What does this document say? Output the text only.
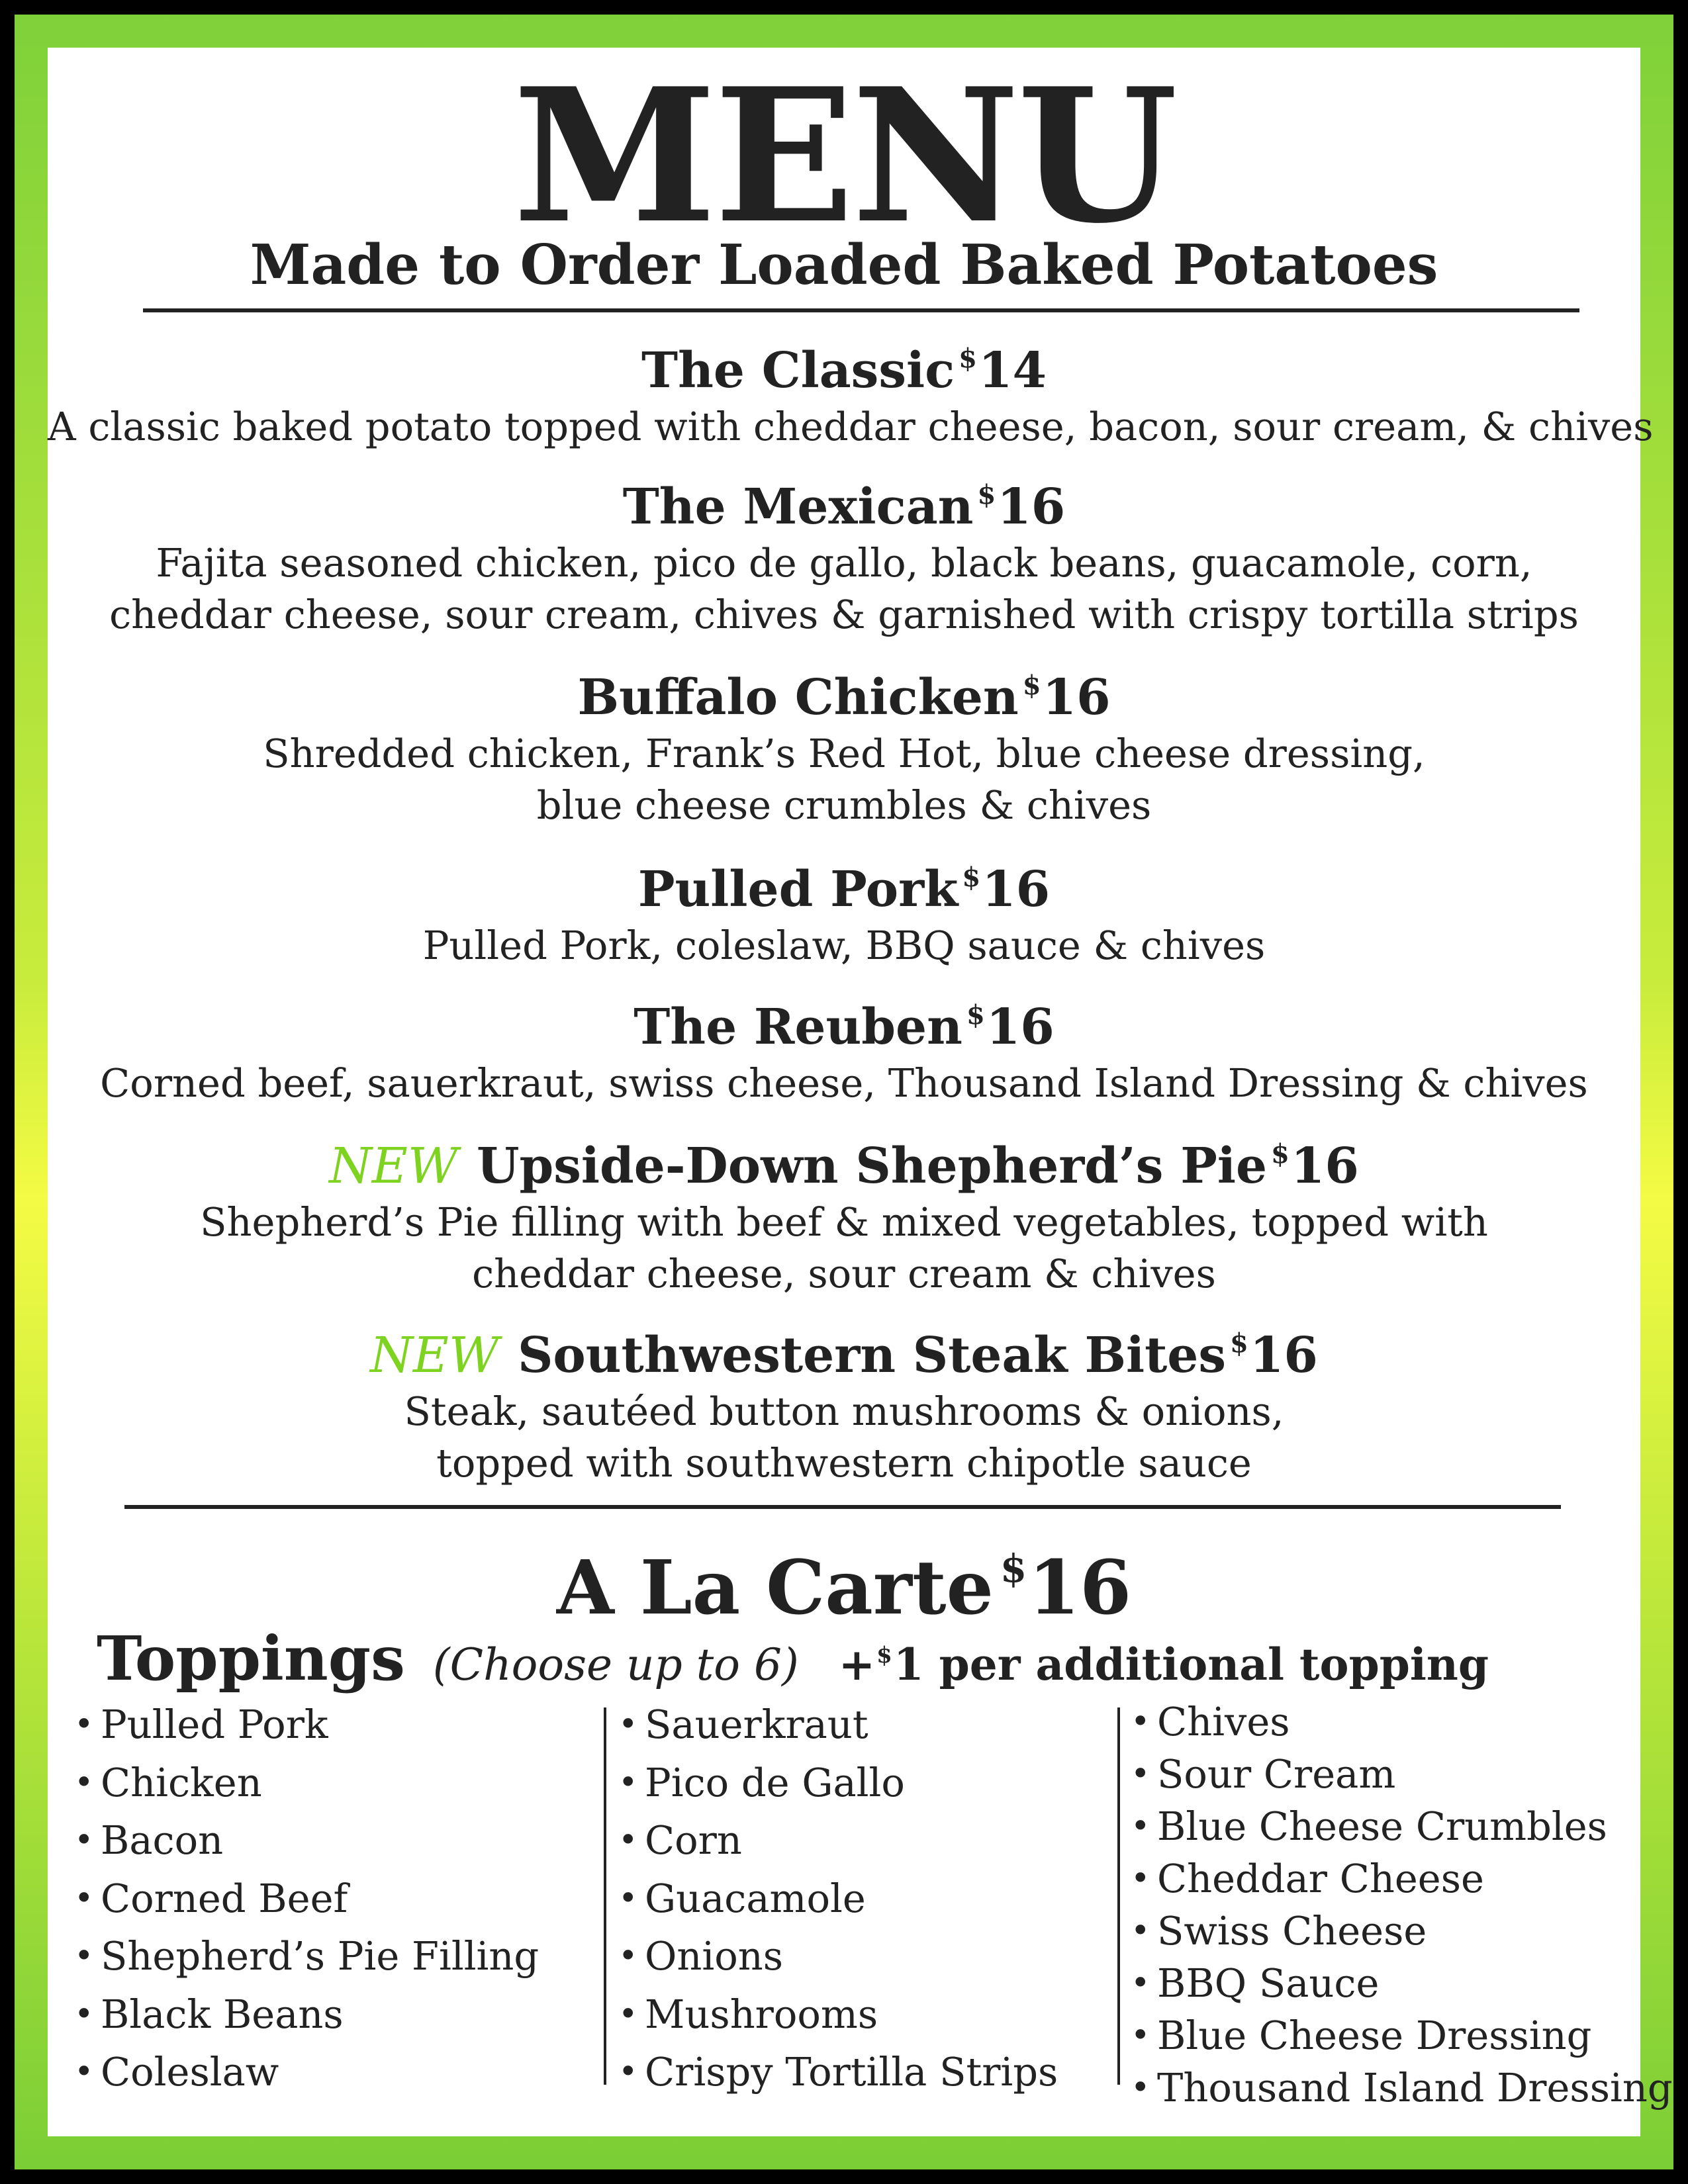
MENU
Made to Order Loaded Baked Potatoes
The Classic $14
A classic baked potato topped with cheddar cheese, bacon, sour cream, & chives
The Mexican $16
Fajita seasoned chicken, pico de gallo, black beans, guacamole, corn,
cheddar cheese, sour cream, chives & garnished with crispy tortilla strips
Buffalo Chicken $16
Shredded chicken, Frank’s Red Hot, blue cheese dressing,
blue cheese crumbles & chives
Pulled Pork $16
Pulled Pork, coleslaw, BBQ sauce & chives
The Reuben $16
Corned beef, sauerkraut, swiss cheese, Thousand Island Dressing & chives
NEW Upside-Down Shepherd’s Pie $16
Shepherd’s Pie filling with beef & mixed vegetables, topped with
cheddar cheese, sour cream & chives
NEW Southwestern Steak Bites $16
Steak, sautéed button mushrooms & onions,
topped with southwestern chipotle sauce
A La Carte $16
Toppings (Choose up to 6) +$1 per additional topping
• Pulled Pork
• Chicken
• Bacon
• Corned Beef
• Shepherd’s Pie Filling
• Black Beans
• Coleslaw
• Sauerkraut
• Pico de Gallo
• Corn
• Guacamole
• Onions
• Mushrooms
• Crispy Tortilla Strips
• Chives
• Sour Cream
• Blue Cheese Crumbles
• Cheddar Cheese
• Swiss Cheese
• BBQ Sauce
• Blue Cheese Dressing
• Thousand Island Dressing
